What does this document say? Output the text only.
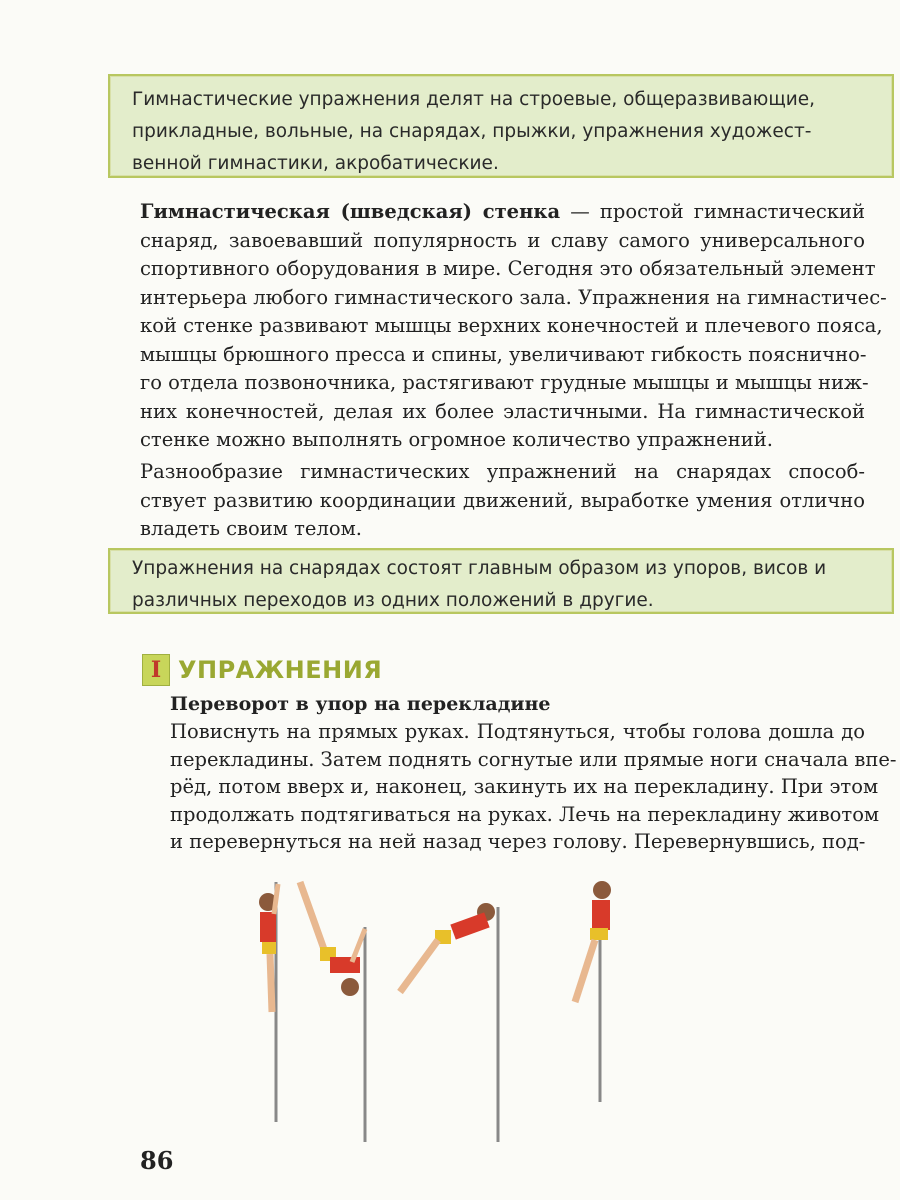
Гимнастические упражнения делят на строевые, общеразвивающие,
прикладные, вольные, на снарядах, прыжки, упражнения художест-
венной гимнастики, акробатические.
Гимнастическая (шведская) стенка — простой гимнастический
снаряд, завоевавший популярность и славу самого универсального
спортивного оборудования в мире. Сегодня это обязательный элемент
интерьера любого гимнастического зала. Упражнения на гимнастичес-
кой стенке развивают мышцы верхних конечностей и плечевого пояса,
мышцы брюшного пресса и спины, увеличивают гибкость пояснично-
го отдела позвоночника, растягивают грудные мышцы и мышцы ниж-
них конечностей, делая их более эластичными. На гимнастической
стенке можно выполнять огромное количество упражнений.
Разнообразие гимнастических упражнений на снарядах способ-
ствует развитию координации движений, выработке умения отлично
владеть своим телом.
Упражнения на снарядах состоят главным образом из упоров, висов и
различных переходов из одних положений в другие.
I УПРАЖНЕНИЯ
Переворот в упор на перекладине
Повиснуть на прямых руках. Подтянуться, чтобы голова дошла до
перекладины. Затем поднять согнутые или прямые ноги сначала впе-
рёд, потом вверх и, наконец, закинуть их на перекладину. При этом
продолжать подтягиваться на руках. Лечь на перекладину животом
и перевернуться на ней назад через голову. Перевернувшись, под-
86
